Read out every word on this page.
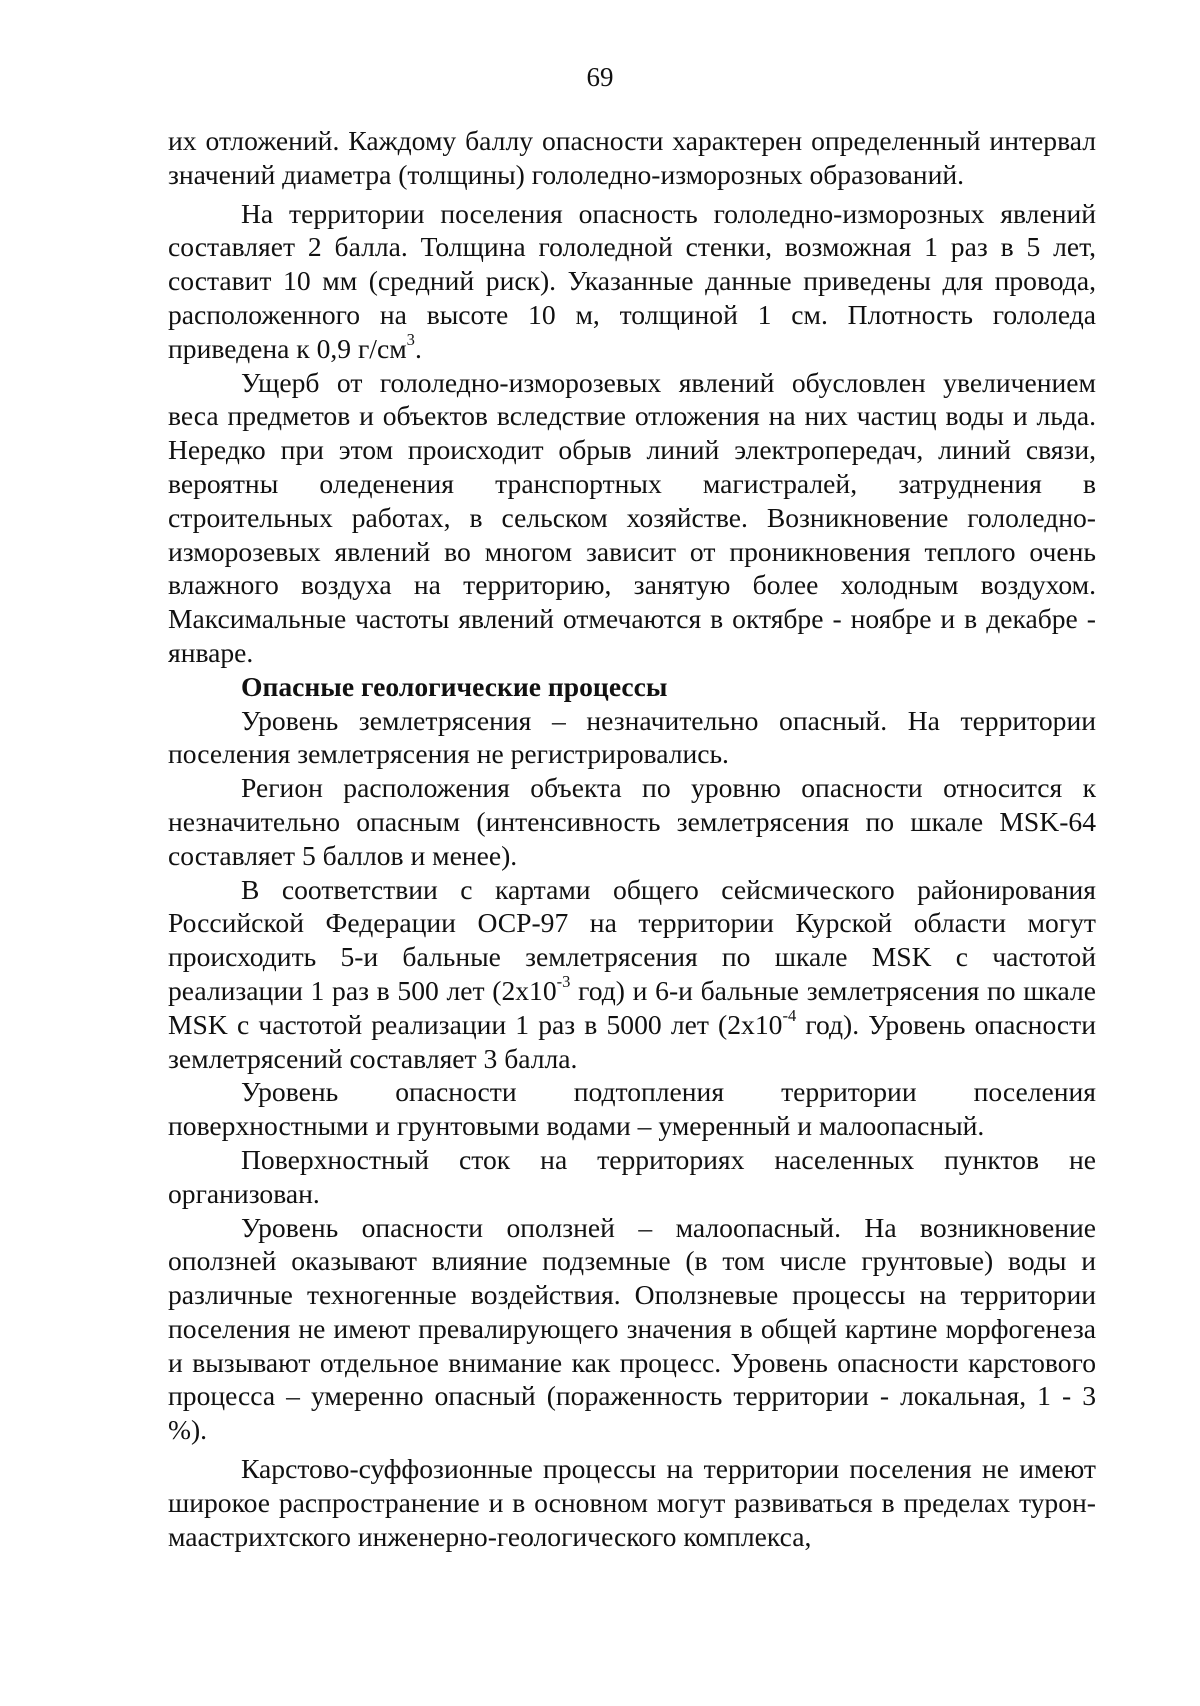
69

их отложений. Каждому баллу опасности характерен определенный интервал значений диаметра (толщины) гололедно-изморозных образований.

На территории поселения опасность гололедно-изморозных явлений составляет 2 балла. Толщина гололедной стенки, возможная 1 раз в 5 лет, составит 10 мм (средний риск). Указанные данные приведены для провода, расположенного на высоте 10 м, толщиной 1 см. Плотность гололеда приведена к 0,9 $г/см^3$.

Ущерб от гололедно-изморозевых явлений обусловлен увеличением веса предметов и объектов вследствие отложения на них частиц воды и льда. Нередко при этом происходит обрыв линий электропередач, линий связи, вероятны оледенения транспортных магистралей, затруднения в строительных работах, в сельском хозяйстве. Возникновение гололедно-изморозевых явлений во многом зависит от проникновения теплого очень влажного воздуха на территорию, занятую более холодным воздухом. Максимальные частоты явлений отмечаются в октябре - ноябре и в декабре - январе.

Опасные геологические процессы

Уровень землетрясения – незначительно опасный. На территории поселения землетрясения не регистрировались.

Регион расположения объекта по уровню опасности относится к незначительно опасным (интенсивность землетрясения по шкале MSK-64 составляет 5 баллов и менее).

В соответствии с картами общего сейсмического районирования Российской Федерации ОСР-97 на территории Курской области могут происходить 5-и бальные землетрясения по шкале MSK с частотой реализации 1 раз в 500 лет ($2х10^{-3}$ год) и 6-и бальные землетрясения по шкале MSK с частотой реализации 1 раз в 5000 лет ($2х10^{-4}$ год). Уровень опасности землетрясений составляет 3 балла.

Уровень опасности подтопления территории поселения поверхностными и грунтовыми водами – умеренный и малоопасный.

Поверхностный сток на территориях населенных пунктов не организован.

Уровень опасности оползней – малоопасный. На возникновение оползней оказывают влияние подземные (в том числе грунтовые) воды и различные техногенные воздействия. Оползневые процессы на территории поселения не имеют превалирующего значения в общей картине морфогенеза и вызывают отдельное внимание как процесс. Уровень опасности карстового процесса – умеренно опасный (пораженность территории - локальная, 1 - 3 %).

Карстово-суффозионные процессы на территории поселения не имеют широкое распространение и в основном могут развиваться в пределах турон-маастрихтского инженерно-геологического комплекса,
